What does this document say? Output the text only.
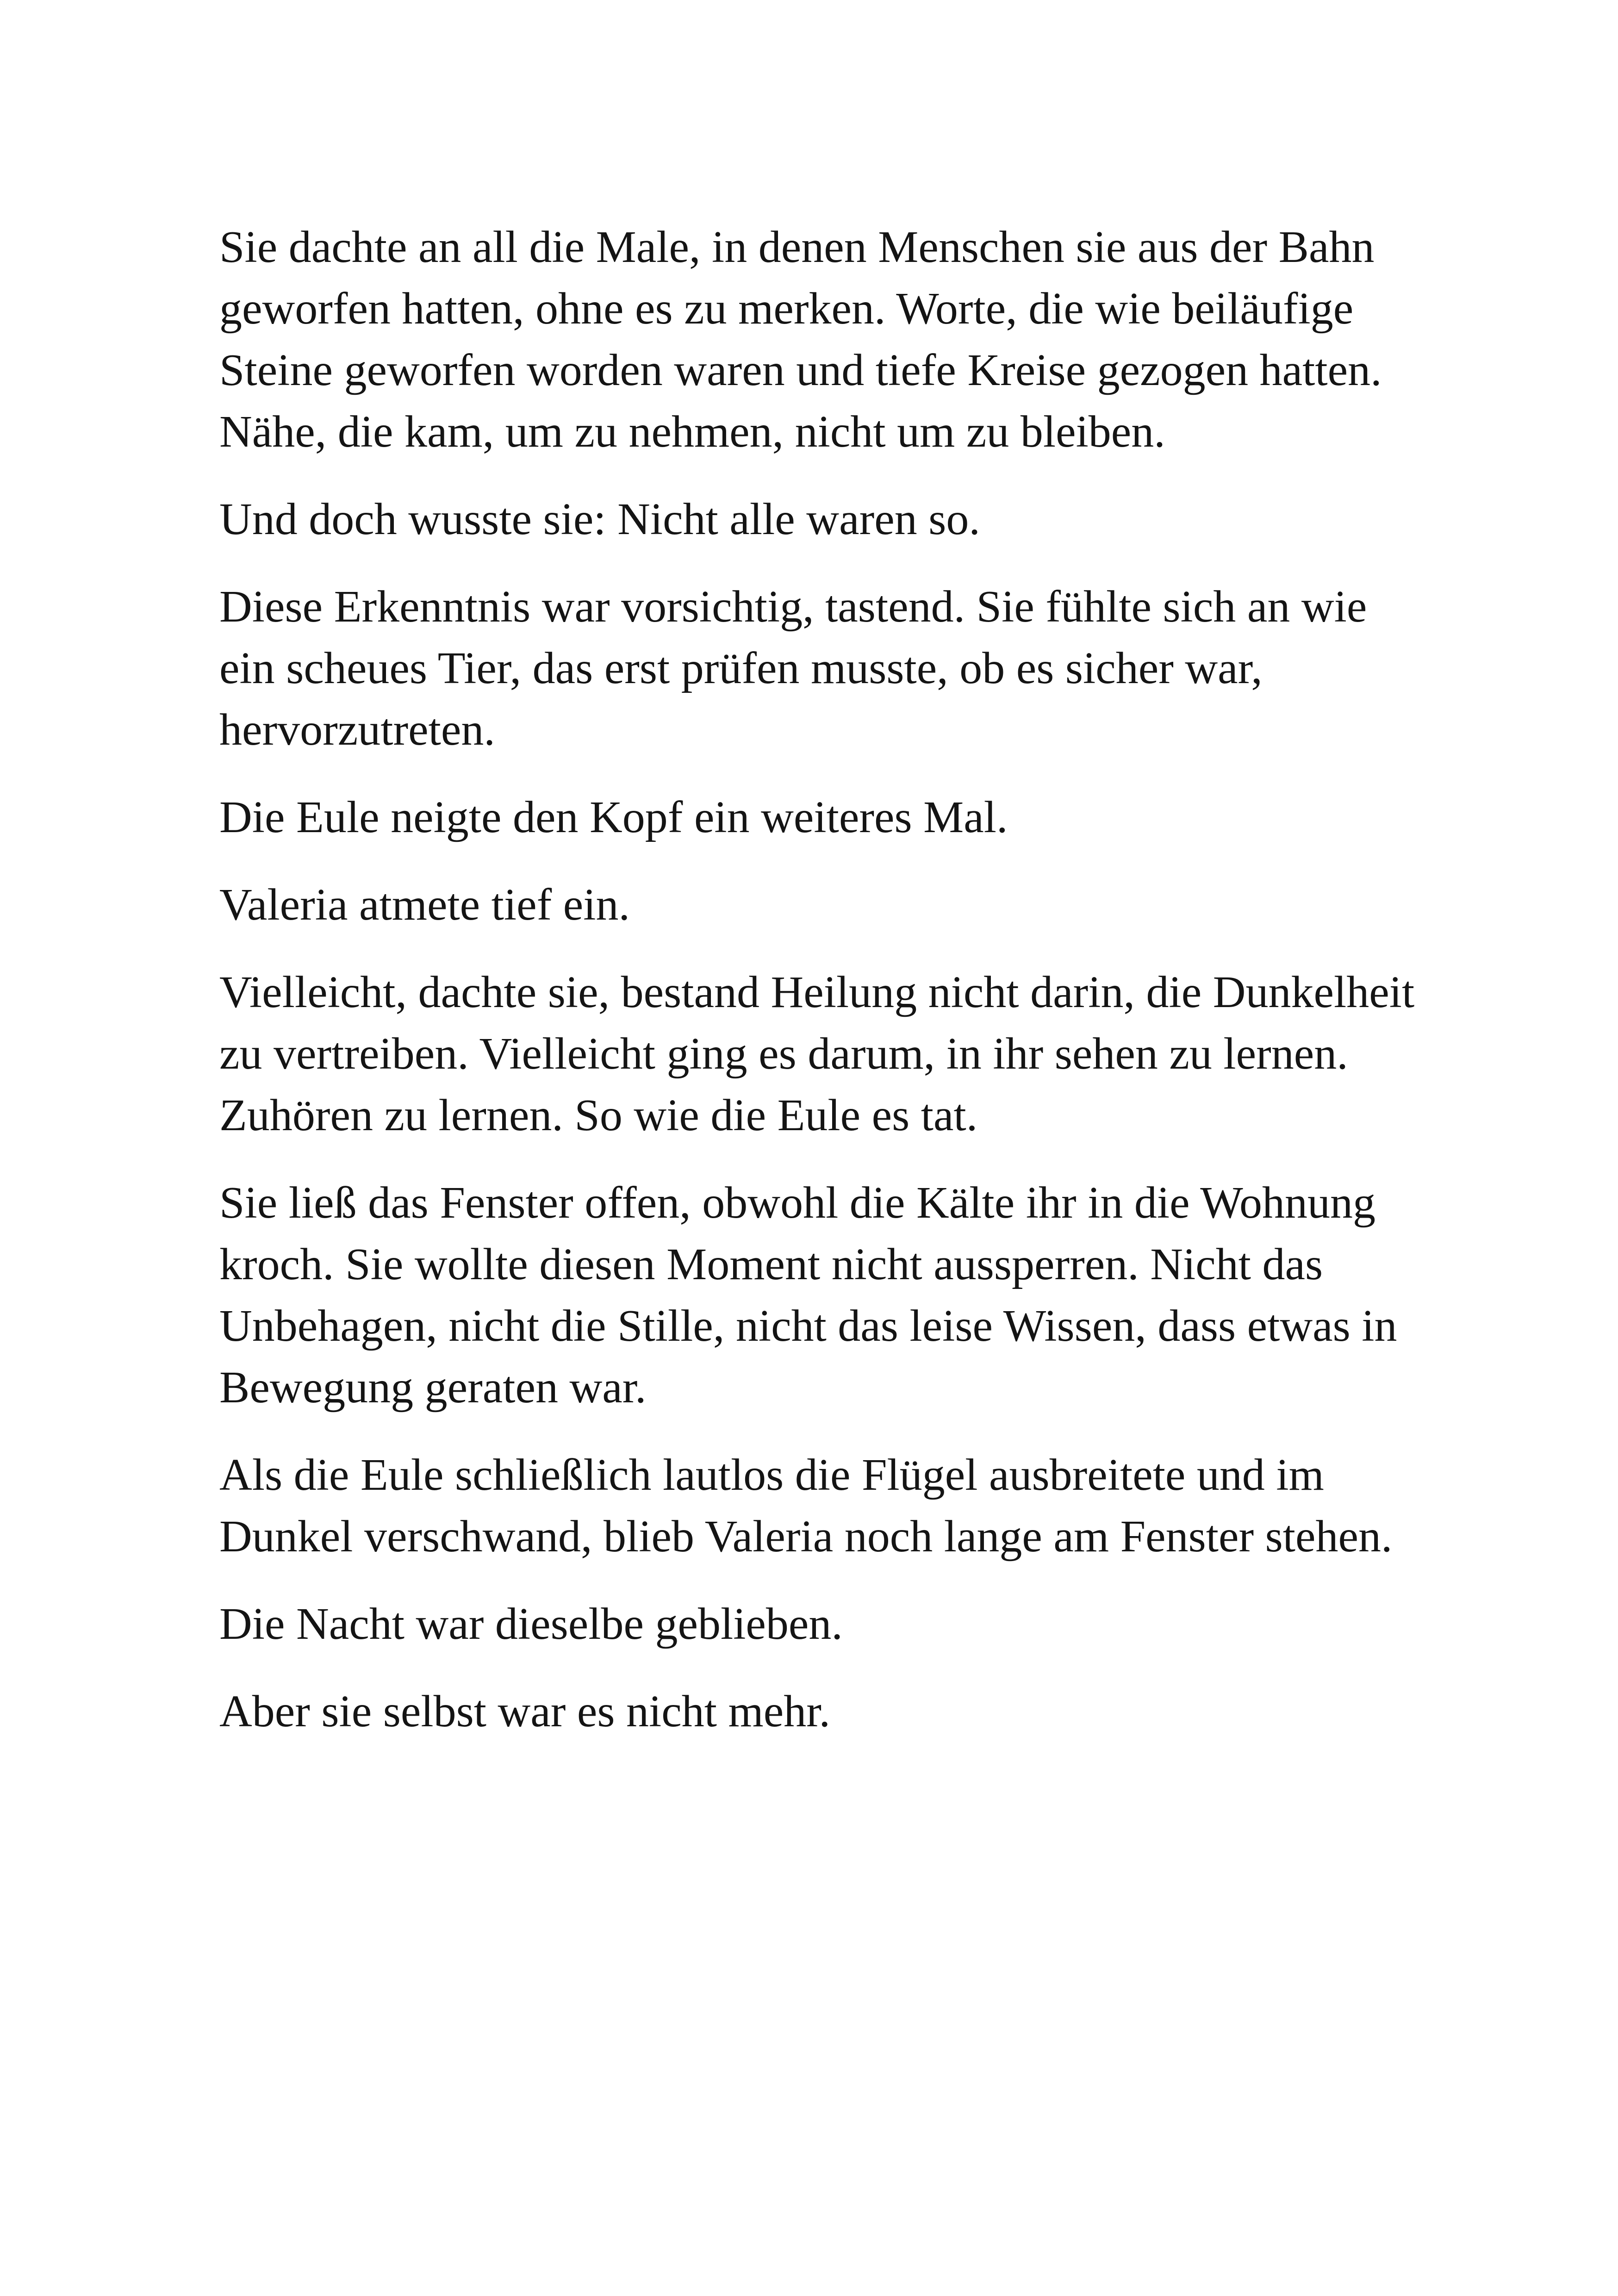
Sie dachte an all die Male, in denen Menschen sie aus der Bahn geworfen hatten, ohne es zu merken. Worte, die wie beiläufige Steine geworfen worden waren und tiefe Kreise gezogen hatten. Nähe, die kam, um zu nehmen, nicht um zu bleiben.

Und doch wusste sie: Nicht alle waren so.

Diese Erkenntnis war vorsichtig, tastend. Sie fühlte sich an wie ein scheues Tier, das erst prüfen musste, ob es sicher war, hervorzutreten.

Die Eule neigte den Kopf ein weiteres Mal.

Valeria atmete tief ein.

Vielleicht, dachte sie, bestand Heilung nicht darin, die Dunkelheit zu vertreiben. Vielleicht ging es darum, in ihr sehen zu lernen. Zuhören zu lernen. So wie die Eule es tat.

Sie ließ das Fenster offen, obwohl die Kälte ihr in die Wohnung kroch. Sie wollte diesen Moment nicht aussperren. Nicht das Unbehagen, nicht die Stille, nicht das leise Wissen, dass etwas in Bewegung geraten war.

Als die Eule schließlich lautlos die Flügel ausbreitete und im Dunkel verschwand, blieb Valeria noch lange am Fenster stehen.

Die Nacht war dieselbe geblieben.

Aber sie selbst war es nicht mehr.
